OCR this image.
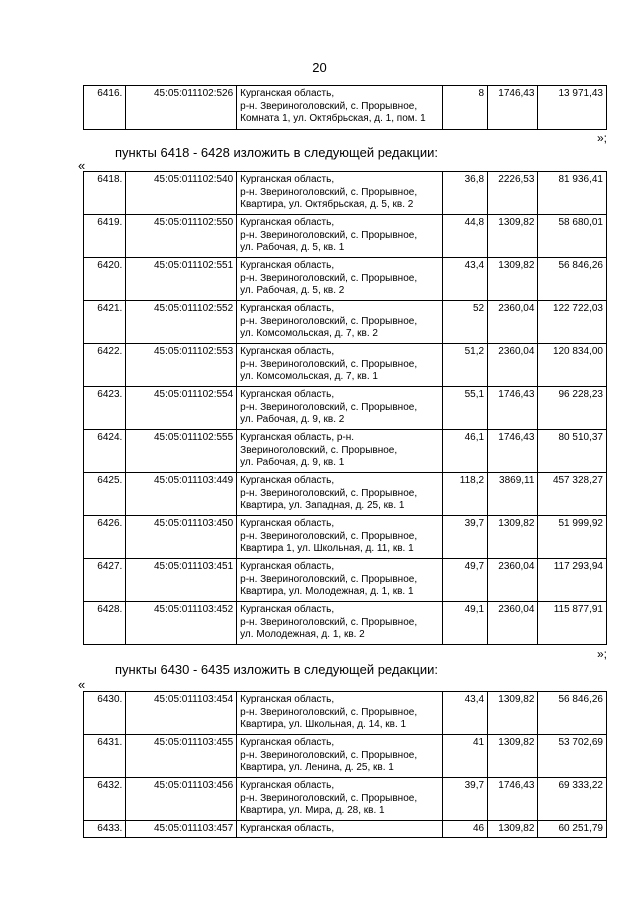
20
6416.	45:05:011102:526	Курганская область,
р-н. Звериноголовский, с. Прорывное,
Комната 1, ул. Октябрьская, д. 1, пом. 1
	8	1746,43	13 971,43
»;
пункты 6418 - 6428 изложить в следующей редакции:
«
6418.	45:05:011102:540	Курганская область,
р-н. Звериноголовский, с. Прорывное,
Квартира, ул. Октябрьская, д. 5, кв. 2	36,8	2226,53	81 936,41
6419.	45:05:011102:550	Курганская область,
р-н. Звериноголовский, с. Прорывное,
ул. Рабочая, д. 5, кв. 1	44,8	1309,82	58 680,01
6420.	45:05:011102:551	Курганская область,
р-н. Звериноголовский, с. Прорывное,
ул. Рабочая, д. 5, кв. 2	43,4	1309,82	56 846,26
6421.	45:05:011102:552	Курганская область,
р-н. Звериноголовский, с. Прорывное,
ул. Комсомольская, д. 7, кв. 2	52	2360,04	122 722,03
6422.	45:05:011102:553	Курганская область,
р-н. Звериноголовский, с. Прорывное,
ул. Комсомольская, д. 7, кв. 1	51,2	2360,04	120 834,00
6423.	45:05:011102:554	Курганская область,
р-н. Звериноголовский, с. Прорывное,
ул. Рабочая, д. 9, кв. 2	55,1	1746,43	96 228,23
6424.	45:05:011102:555	Курганская область, р-н.
Звериноголовский, с. Прорывное,
ул. Рабочая, д. 9, кв. 1	46,1	1746,43	80 510,37
6425.	45:05:011103:449	Курганская область,
р-н. Звериноголовский, с. Прорывное,
Квартира, ул. Западная, д. 25, кв. 1	118,2	3869,11	457 328,27
6426.	45:05:011103:450	Курганская область,
р-н. Звериноголовский, с. Прорывное,
Квартира 1, ул. Школьная, д. 11, кв. 1	39,7	1309,82	51 999,92
6427.	45:05:011103:451	Курганская область,
р-н. Звериноголовский, с. Прорывное,
Квартира, ул. Молодежная, д. 1, кв. 1	49,7	2360,04	117 293,94
6428.	45:05:011103:452	Курганская область,
р-н. Звериноголовский, с. Прорывное,
ул. Молодежная, д. 1, кв. 2	49,1	2360,04	115 877,91
»;
пункты 6430 - 6435 изложить в следующей редакции:
«
6430.	45:05:011103:454	Курганская область,
р-н. Звериноголовский, с. Прорывное,
Квартира, ул. Школьная, д. 14, кв. 1	43,4	1309,82	56 846,26
6431.	45:05:011103:455	Курганская область,
р-н. Звериноголовский, с. Прорывное,
Квартира, ул. Ленина, д. 25, кв. 1	41	1309,82	53 702,69
6432.	45:05:011103:456	Курганская область,
р-н. Звериноголовский, с. Прорывное,
Квартира, ул. Мира, д. 28, кв. 1	39,7	1746,43	69 333,22
6433.	45:05:011103:457	Курганская область,	46	1309,82	60 251,79
